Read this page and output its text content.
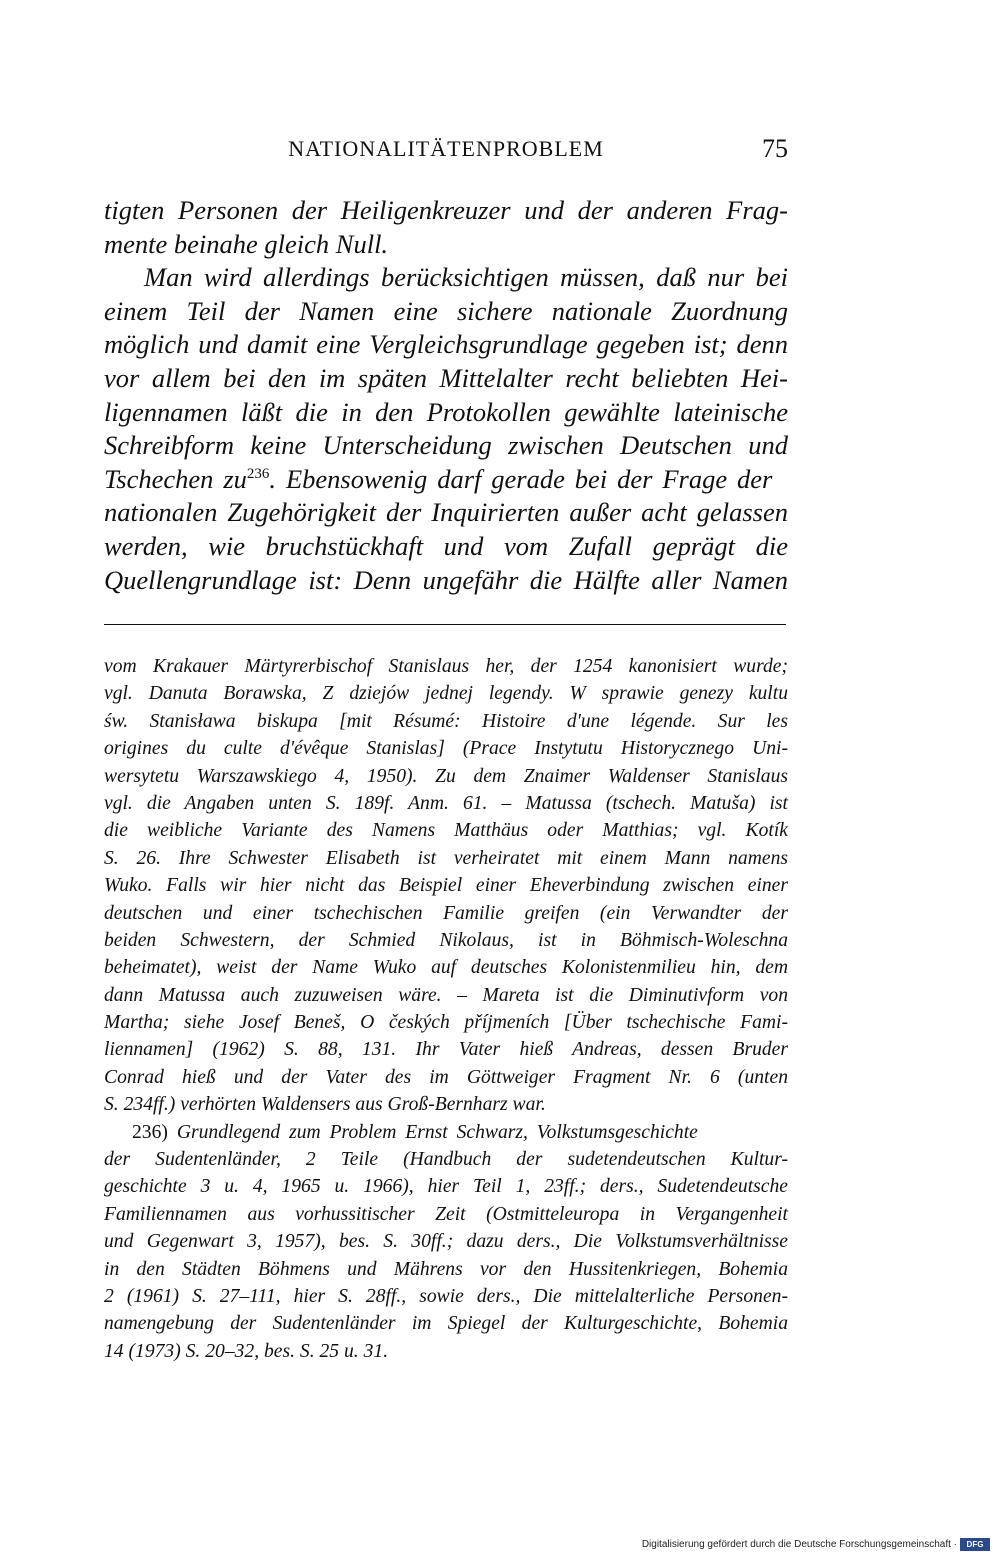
NATIONALITÄTENPROBLEM	75
tigten Personen der Heiligenkreuzer und der anderen Frag-
mente beinahe gleich Null.
Man wird allerdings berücksichtigen müssen, daß nur bei
einem Teil der Namen eine sichere nationale Zuordnung
möglich und damit eine Vergleichsgrundlage gegeben ist; denn
vor allem bei den im späten Mittelalter recht beliebten Hei-
ligennamen läßt die in den Protokollen gewählte lateinische
Schreibform keine Unterscheidung zwischen Deutschen und
Tschechen zu$^{236}$. Ebensowenig darf gerade bei der Frage der
nationalen Zugehörigkeit der Inquirierten außer acht gelassen
werden, wie bruchstückhaft und vom Zufall geprägt die
Quellengrundlage ist: Denn ungefähr die Hälfte aller Namen
vom Krakauer Märtyrerbischof Stanislaus her, der 1254 kanonisiert wurde;
vgl. Danuta Borawska, Z dziejów jednej legendy. W sprawie genezy kultu
św. Stanisława biskupa [mit Résumé: Histoire d'une légende. Sur les
origines du culte d'évêque Stanislas] (Prace Instytutu Historycznego Uni-
wersytetu Warszawskiego 4, 1950). Zu dem Znaimer Waldenser Stanislaus
vgl. die Angaben unten S. 189f. Anm. 61. – Matussa (tschech. Matuša) ist
die weibliche Variante des Namens Matthäus oder Matthias; vgl. Kotík
S. 26. Ihre Schwester Elisabeth ist verheiratet mit einem Mann namens
Wuko. Falls wir hier nicht das Beispiel einer Eheverbindung zwischen einer
deutschen und einer tschechischen Familie greifen (ein Verwandter der
beiden Schwestern, der Schmied Nikolaus, ist in Böhmisch-Woleschna
beheimatet), weist der Name Wuko auf deutsches Kolonistenmilieu hin, dem
dann Matussa auch zuzuweisen wäre. – Mareta ist die Diminutivform von
Martha; siehe Josef Beneš, O českých příjmeních [Über tschechische Fami-
liennamen] (1962) S. 88, 131. Ihr Vater hieß Andreas, dessen Bruder
Conrad hieß und der Vater des im Göttweiger Fragment Nr. 6 (unten
S. 234ff.) verhörten Waldensers aus Groß-Bernharz war.
236) Grundlegend zum Problem Ernst Schwarz, Volkstumsgeschichte
der Sudentenländer, 2 Teile (Handbuch der sudetendeutschen Kultur-
geschichte 3 u. 4, 1965 u. 1966), hier Teil 1, 23ff.; ders., Sudetendeutsche
Familiennamen aus vorhussitischer Zeit (Ostmitteleuropa in Vergangenheit
und Gegenwart 3, 1957), bes. S. 30ff.; dazu ders., Die Volkstumsverhältnisse
in den Städten Böhmens und Mährens vor den Hussitenkriegen, Bohemia
2 (1961) S. 27–111, hier S. 28ff., sowie ders., Die mittelalterliche Personen-
namengebung der Sudentenländer im Spiegel der Kulturgeschichte, Bohemia
14 (1973) S. 20–32, bes. S. 25 u. 31.
Digitalisierung gefördert durch die Deutsche Forschungsgemeinschaft ·	DFG
